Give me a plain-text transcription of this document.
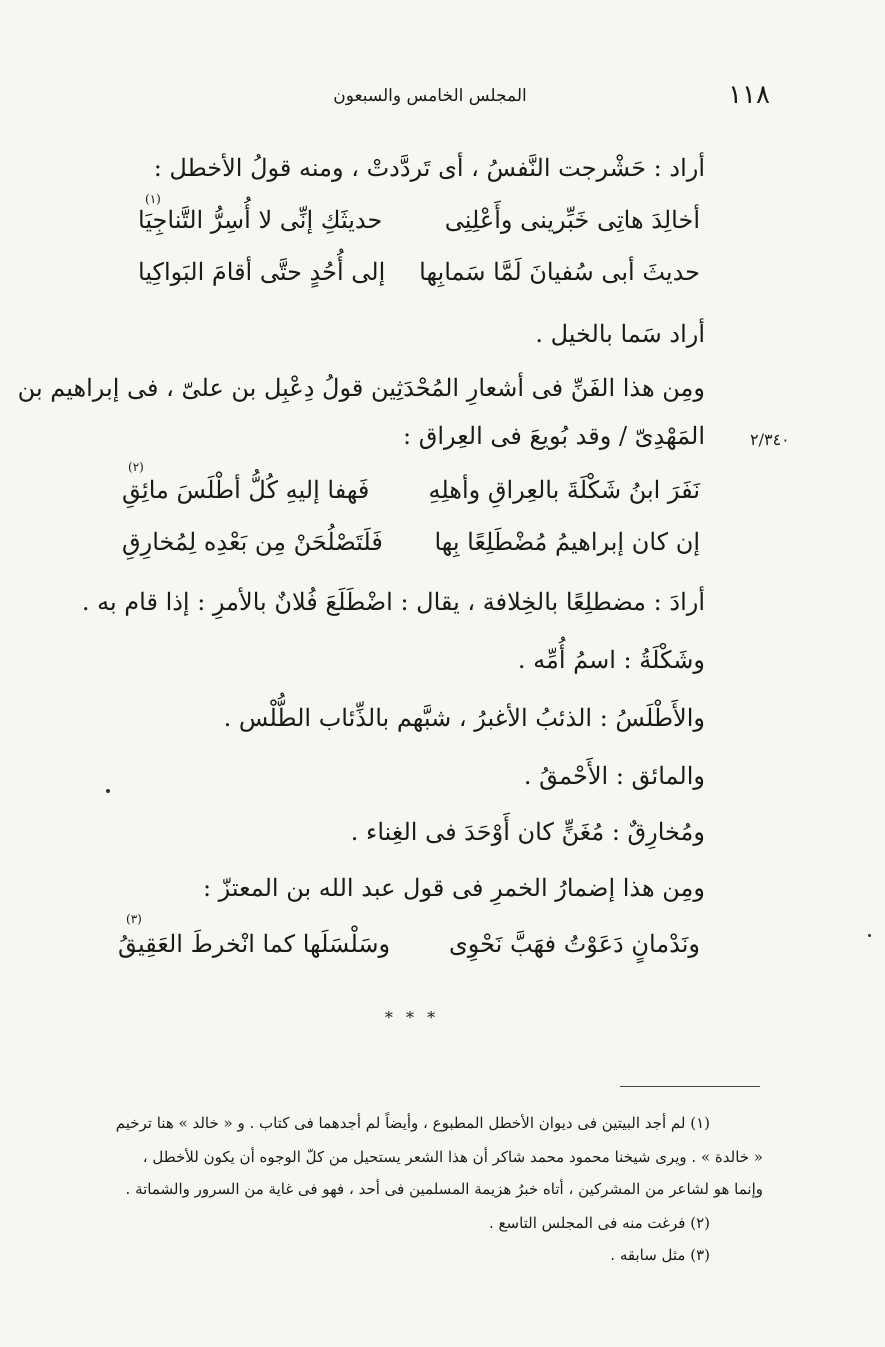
١١٨
المجلس الخامس والسبعون
أراد : حَشْرجت النَّفسُ ، أى تَردَّدتْ ، ومنه قولُ الأخطل :
(١)
أخالِدَ هاتِى خَبِّرينى وأَعْلِنِى
حديثَكِ إنِّى لا أُسِرُّ التَّناجِيَا
حديثَ أبى سُفيانَ لَمَّا سَمابِها
إلى أُحُدٍ حتَّى أقامَ البَواكِيا
أراد سَما بالخيل .
ومِن هذا الفَنِّ فى أشعارِ المُحْدَثِين قولُ دِعْبِل بن علىّ ، فى إبراهيم بن
المَهْدِىّ / وقد بُويعَ فى العِراق :	٢/٣٤٠
(٢)
نَفَرَ ابنُ شَكْلَةَ بالعِراقِ وأهلِهِ
فَهفا إليهِ كُلُّ أطْلَسَ مائِقِ
إن كان إبراهيمُ مُضْطَلِعًا بِها
فَلَتَصْلُحَنْ مِن بَعْدِه لِمُخارِقِ
أرادَ : مضطلِعًا بالخِلافة ، يقال : اضْطَلَعَ فُلانٌ بالأمرِ : إذا قام به .
وشَكْلَةُ : اسمُ أُمِّه .
والأَطْلَسُ : الذئبُ الأغبرُ ، شبَّهم بالذِّئاب الطُّلْس .
والمائق : الأَحْمقُ .
ومُخارِقٌ : مُغَنٍّ كان أَوْحَدَ فى الغِناء .
ومِن هذا إضمارُ الخمرِ فى قول عبد الله بن المعتزّ :
(٣)
ونَدْمانٍ دَعَوْتُ فهَبَّ نَحْوِى
وسَلْسَلَها كما انْخرطَ العَقِيقُ
* * *
(١) لم أجد البيتين فى ديوان الأخطل المطبوع ، وأيضاً لم أجدهما فى كتاب . و « خالد » هنا ترخيم
« خالدة » . ويرى شيخنا محمود محمد شاكر أن هذا الشعر يستحيل من كلّ الوجوه أن يكون للأخطل ،
وإنما هو لشاعر من المشركين ، أتاه خبرُ هزيمة المسلمين فى أحد ، فهو فى غاية من السرور والشماتة .
(٢) فرغت منه فى المجلس التاسع .
(٣) مثل سابقه .
